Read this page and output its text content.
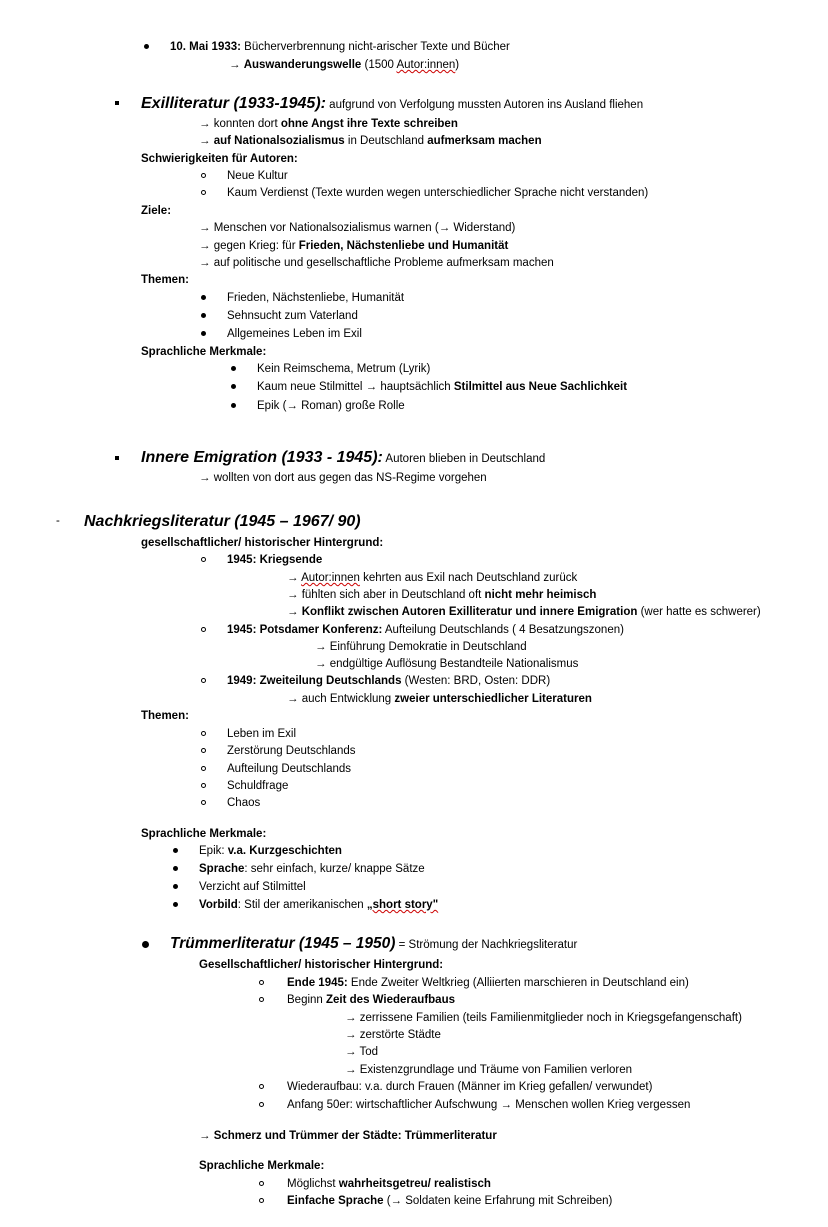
10. Mai 1933: Bücherverbrennung nicht-arischer Texte und Bücher
→ Auswanderungswelle (1500 Autor:innen)
Exilliteratur (1933-1945): aufgrund von Verfolgung mussten Autoren ins Ausland fliehen
→ konnten dort ohne Angst ihre Texte schreiben
→ auf Nationalsozialismus in Deutschland aufmerksam machen
Schwierigkeiten für Autoren:
Neue Kultur
Kaum Verdienst (Texte wurden wegen unterschiedlicher Sprache nicht verstanden)
Ziele:
→ Menschen vor Nationalsozialismus warnen (→ Widerstand)
→ gegen Krieg: für Frieden, Nächstenliebe und Humanität
→ auf politische und gesellschaftliche Probleme aufmerksam machen
Themen:
Frieden, Nächstenliebe, Humanität
Sehnsucht zum Vaterland
Allgemeines Leben im Exil
Sprachliche Merkmale:
Kein Reimschema, Metrum (Lyrik)
Kaum neue Stilmittel → hauptsächlich Stilmittel aus Neue Sachlichkeit
Epik (→ Roman) große Rolle
Innere Emigration (1933 - 1945): Autoren blieben in Deutschland
→ wollten von dort aus gegen das NS-Regime vorgehen
- Nachkriegsliteratur (1945 – 1967/ 90)
gesellschaftlicher/ historischer Hintergrund:
1945: Kriegsende
→ Autor:innen kehrten aus Exil nach Deutschland zurück
→ fühlten sich aber in Deutschland oft nicht mehr heimisch
→ Konflikt zwischen Autoren Exilliteratur und innere Emigration (wer hatte es schwerer)
1945: Potsdamer Konferenz: Aufteilung Deutschlands ( 4 Besatzungszonen)
→ Einführung Demokratie in Deutschland
→ endgültige Auflösung Bestandteile Nationalismus
1949: Zweiteilung Deutschlands (Westen: BRD, Osten: DDR)
→ auch Entwicklung zweier unterschiedlicher Literaturen
Themen:
Leben im Exil
Zerstörung Deutschlands
Aufteilung Deutschlands
Schuldfrage
Chaos
Sprachliche Merkmale:
Epik: v.a. Kurzgeschichten
Sprache: sehr einfach, kurze/ knappe Sätze
Verzicht auf Stilmittel
Vorbild: Stil der amerikanischen „short story"
Trümmerliteratur (1945 – 1950) = Strömung der Nachkriegsliteratur
Gesellschaftlicher/ historischer Hintergrund:
Ende 1945: Ende Zweiter Weltkrieg (Alliierten marschieren in Deutschland ein)
Beginn Zeit des Wiederaufbaus
→ zerrissene Familien (teils Familienmitglieder noch in Kriegsgefangenschaft)
→ zerstörte Städte
→ Tod
→ Existenzgrundlage und Träume von Familien verloren
Wiederaufbau: v.a. durch Frauen (Männer im Krieg gefallen/ verwundet)
Anfang 50er: wirtschaftlicher Aufschwung → Menschen wollen Krieg vergessen
→ Schmerz und Trümmer der Städte: Trümmerliteratur
Sprachliche Merkmale:
Möglichst wahrheitsgetreu/ realistisch
Einfache Sprache (→ Soldaten keine Erfahrung mit Schreiben)
